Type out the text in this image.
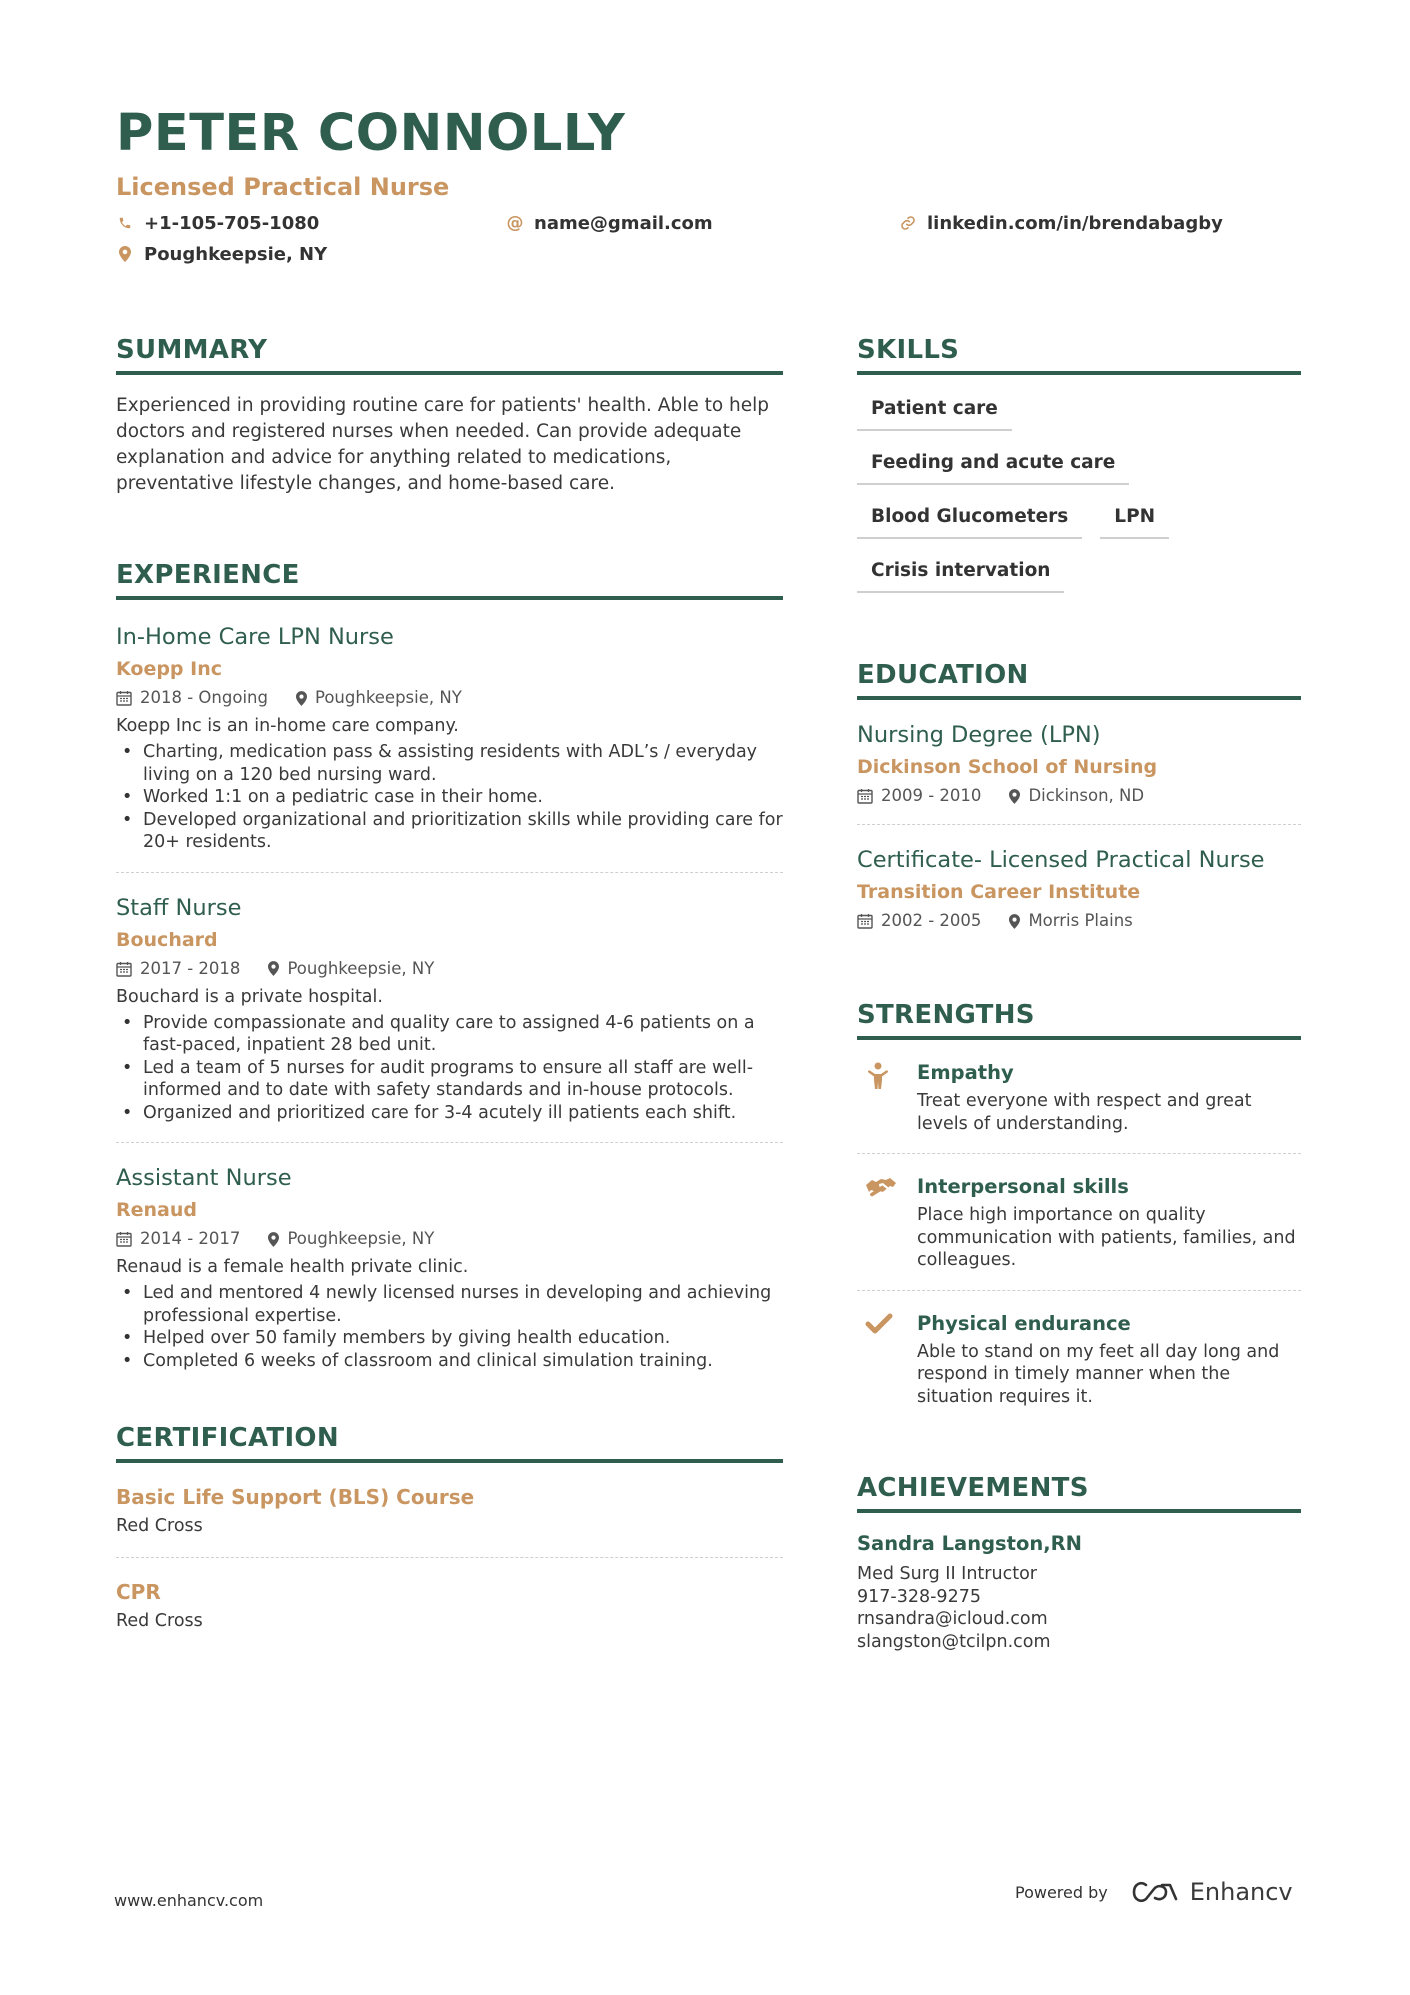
PETER CONNOLLY
Licensed Practical Nurse
+1-105-705-1080	@ name@gmail.com	linkedin.com/in/brendabagby
Poughkeepsie, NY
SUMMARY

Experienced in providing routine care for patients' health. Able to help doctors and registered nurses when needed. Can provide adequate explanation and advice for anything related to medications, preventative lifestyle changes, and home-based care.

EXPERIENCE
In-Home Care LPN Nurse
Koepp Inc
2018 - Ongoing	Poughkeepsie, NY
Koepp Inc is an in-home care company.
• Charting, medication pass & assisting residents with ADL’s / everyday living on a 120 bed nursing ward.
• Worked 1:1 on a pediatric case in their home.
• Developed organizational and prioritization skills while providing care for 20+ residents.
Staff Nurse
Bouchard
2017 - 2018	Poughkeepsie, NY
Bouchard is a private hospital.
• Provide compassionate and quality care to assigned 4-6 patients on a fast-paced, inpatient 28 bed unit.
• Led a team of 5 nurses for audit programs to ensure all staff are well-informed and to date with safety standards and in-house protocols.
• Organized and prioritized care for 3-4 acutely ill patients each shift.
Assistant Nurse
Renaud
2014 - 2017	Poughkeepsie, NY
Renaud is a female health private clinic.
• Led and mentored 4 newly licensed nurses in developing and achieving professional expertise.
• Helped over 50 family members by giving health education.
• Completed 6 weeks of classroom and clinical simulation training.
CERTIFICATION
Basic Life Support (BLS) Course
Red Cross
CPR
Red Cross
SKILLS
Patient care
Feeding and acute care
Blood Glucometers	LPN
Crisis intervation
EDUCATION
Nursing Degree (LPN)
Dickinson School of Nursing
2009 - 2010	Dickinson, ND
Certificate- Licensed Practical Nurse
Transition Career Institute
2002 - 2005	Morris Plains
STRENGTHS
Empathy
Treat everyone with respect and great levels of understanding.
Interpersonal skills
Place high importance on quality communication with patients, families, and colleagues.
Physical endurance
Able to stand on my feet all day long and respond in timely manner when the situation requires it.
ACHIEVEMENTS
Sandra Langston,RN
Med Surg II Intructor
917-328-9275
rnsandra@icloud.com
slangston@tcilpn.com
www.enhancv.com	Powered by	Enhancv
